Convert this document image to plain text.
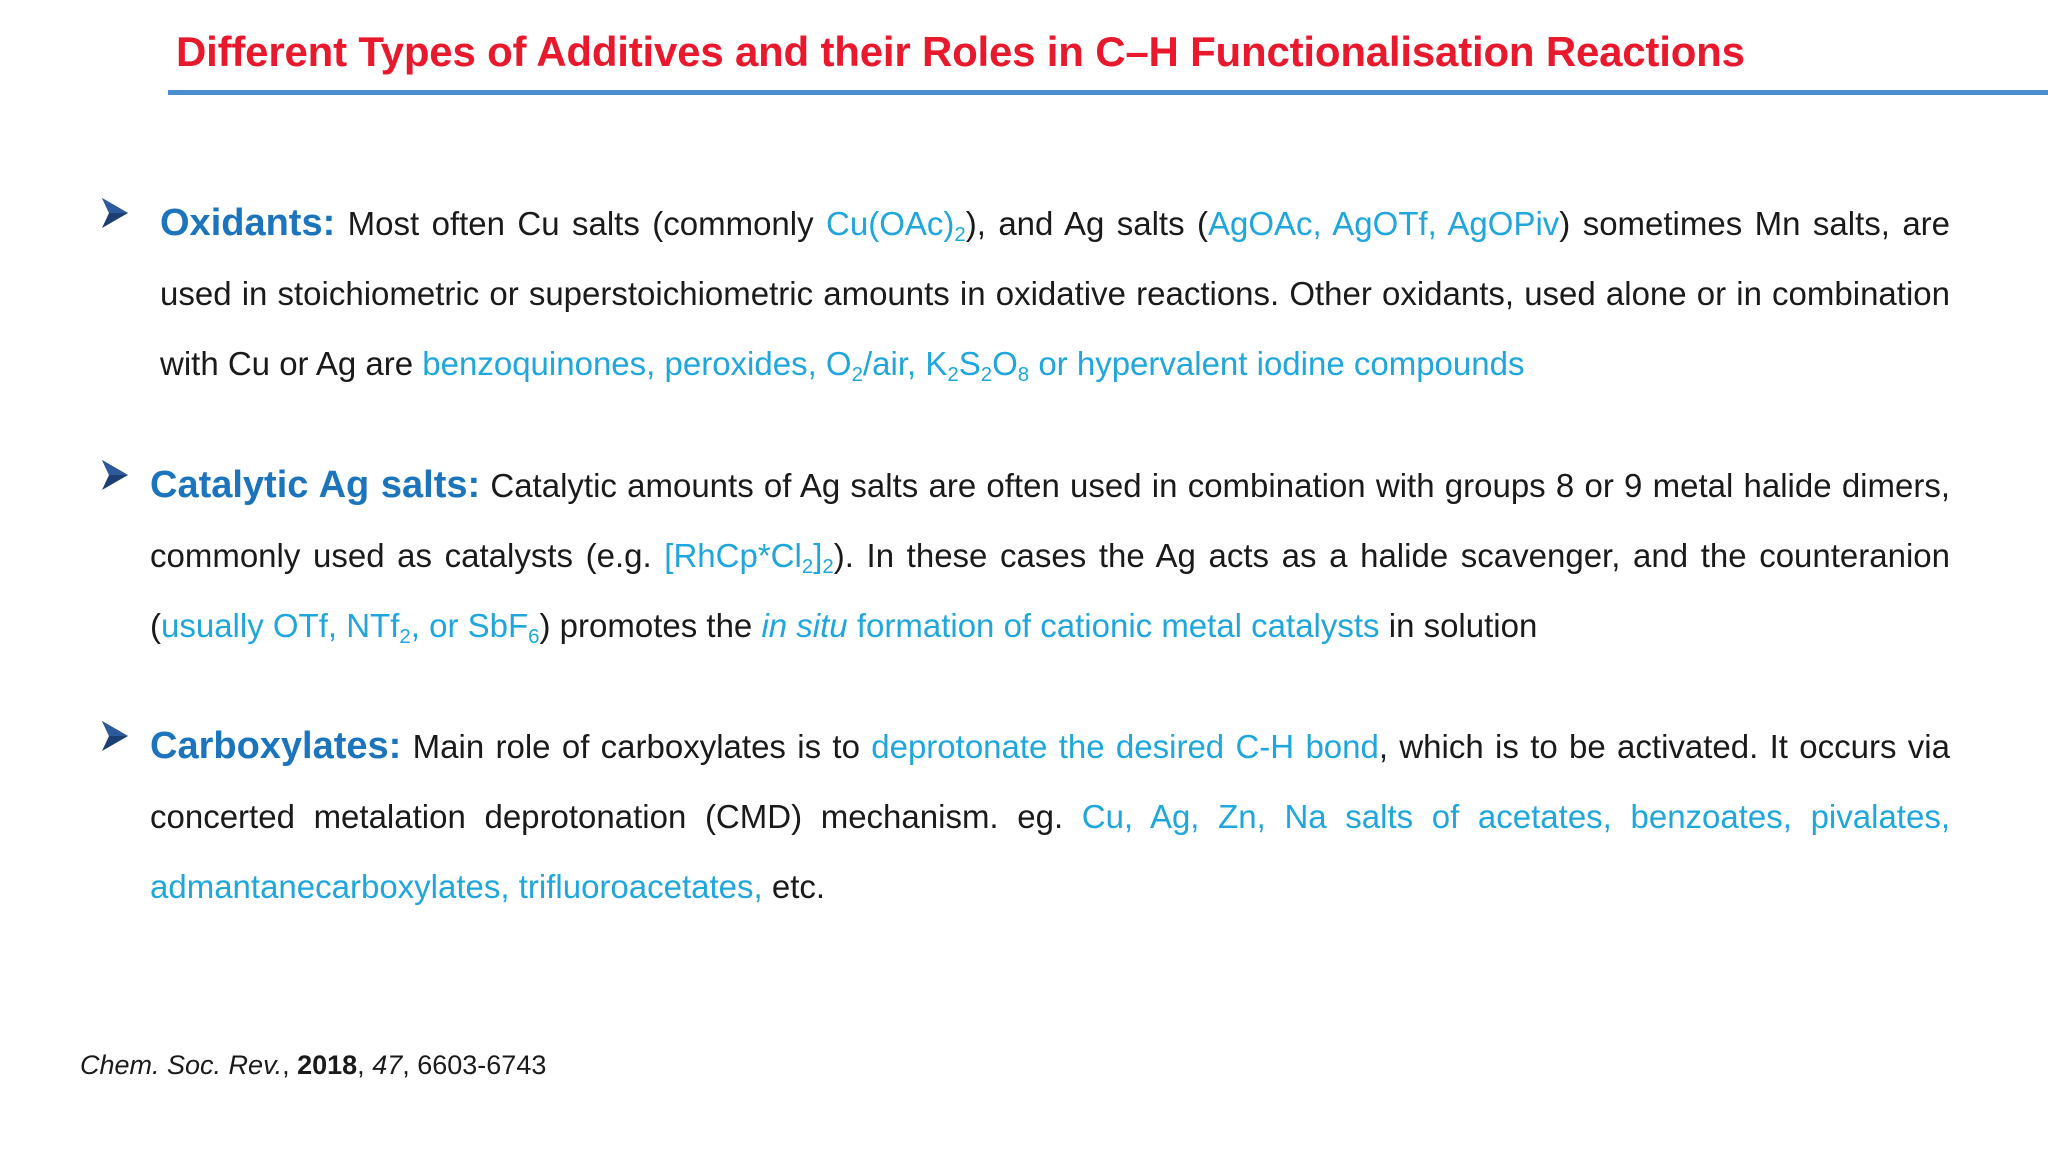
Different Types of Additives and their Roles in C–H Functionalisation Reactions
Oxidants: Most often Cu salts (commonly $Cu(OAc)_2$), and Ag salts (AgOAc, AgOTf, AgOPiv) sometimes Mn salts, are used in stoichiometric or superstoichiometric amounts in oxidative reactions. Other oxidants, used alone or in combination with Cu or Ag are benzoquinones, peroxides, $O_2$/air, $K_2S_2O_8$ or hypervalent iodine compounds
Catalytic Ag salts: Catalytic amounts of Ag salts are often used in combination with groups 8 or 9 metal halide dimers, commonly used as catalysts (e.g. $[RhCp*Cl_2]_2$). In these cases the Ag acts as a halide scavenger, and the counteranion (usually OTf, NTf$_2$, or SbF$_6$) promotes the in situ formation of cationic metal catalysts in solution
Carboxylates: Main role of carboxylates is to deprotonate the desired C-H bond, which is to be activated. It occurs via concerted metalation deprotonation (CMD) mechanism. eg. Cu, Ag, Zn, Na salts of acetates, benzoates, pivalates, admantanecarboxylates, trifluoroacetates, etc.
Chem. Soc. Rev., 2018, 47, 6603-6743
